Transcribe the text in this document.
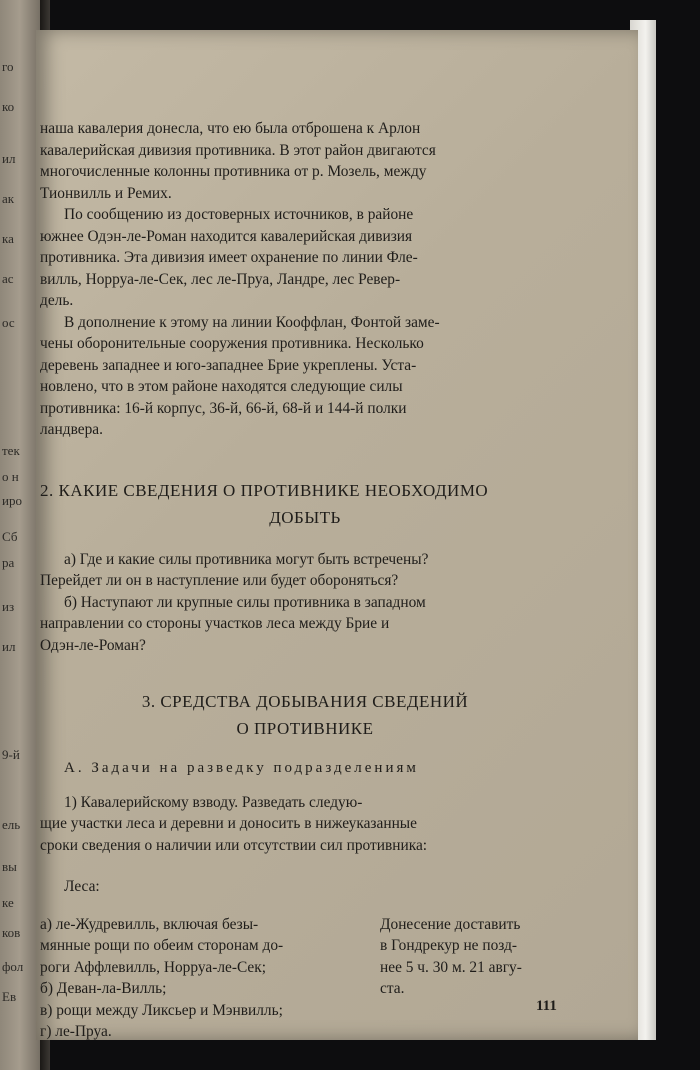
го
ко
ил
ак
ка
ас
ос
тек
о н
иро
Сб
ра
из
ил
9-й
ель
вы
ке
ков
фол
Ев
наша кавалерия донесла, что ею была отброшена к Арлон
кавалерийская дивизия противника. В этот район двигаются
многочисленные колонны противника от р. Мозель, между
Тионвилль и Ремих.
По сообщению из достоверных источников, в районе
южнее Одэн-ле-Роман находится кавалерийская дивизия
противника. Эта дивизия имеет охранение по линии Фле-
вилль, Норруа-ле-Сек, лес ле-Пруа, Ландре, лес Ревер-
дель.
В дополнение к этому на линии Кооффлан, Фонтой заме-
чены оборонительные сооружения противника. Несколько
деревень западнее и юго-западнее Брие укреплены. Уста-
новлено, что в этом районе находятся следующие силы
противника: 16-й корпус, 36-й, 66-й, 68-й и 144-й полки
ландвера.

2. КАКИЕ СВЕДЕНИЯ О ПРОТИВНИКЕ НЕОБХОДИМО

ДОБЫТЬ

а) Где и какие силы противника могут быть встречены?
Перейдет ли он в наступление или будет обороняться?
б) Наступают ли крупные силы противника в западном
направлении со стороны участков леса между Брие и
Одэн-ле-Роман?

3. СРЕДСТВА ДОБЫВАНИЯ СВЕДЕНИЙ

О ПРОТИВНИКЕ

А. Задачи на разведку подразделениям

1) Кавалерийскому взводу. Разведать следую-
щие участки леса и деревни и доносить в нижеуказанные
сроки сведения о наличии или отсутствии сил противника:

Леса:

а) ле-Жудревилль, включая безы-
мянные рощи по обеим сторонам до-
роги Аффлевилль, Норруа-ле-Сек;
б) Деван-ла-Вилль;
в) рощи между Ликсьер и Мэнвилль;
г) ле-Пруа.
Донесение доставить
в Гондрекур не позд-
нее 5 ч. 30 м. 21 авгу-
ста.
111
